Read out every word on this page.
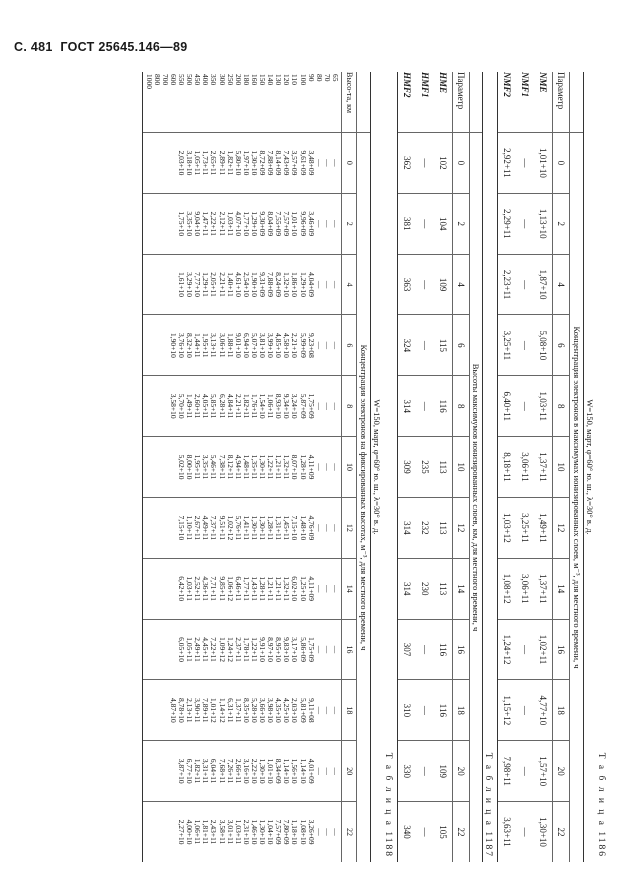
С. 481 ГОСТ 25645.146—89
Т а б л и ц а 1186
W=150, март, φ=60° ю. ш., λ=30° в. д.
Концентрация электронов в максимумах ионизированных слоев, м⁻³, для местного времени, ч
Параметр
0
2
4
6
8
10
12
14
16
18
20
22
NME
1,01+10
1,13+10
1,87+10
5,08+10
1,03+11
1,37+11
1,49+11
1,37+11
1,02+11
4,77+10
1,57+10
1,30+10
NMF1
—
—
—
—
—
3,06+11
3,25+11
3,06+11
—
—
—
—
NMF2
2,92+11
2,29+11
2,23+11
3,25+11
6,40+11
8,18+11
1,03+12
1,08+12
1,24+12
1,15+12
7,98+11
3,63+11
Т а б л и ц а 1187
Высоты максимумов ионизированных слоев, км, для местного времени, ч
Параметр
0
2
4
6
8
10
12
14
16
18
20
22
HME
102
104
109
115
116
113
113
113
116
116
109
105
HMF1
—
—
—
—
—
235
232
230
—
—
—
—
HMF2
362
381
363
324
314
309
314
314
307
310
330
340
Т а б л и ц а 1188
W=150, март, φ=60° ю. ш., λ=30° в. д.
Концентрация электронов на фиксированных высотах, м⁻³, для местного времени, ч
Высо-та, км
0
2
4
6
8
10
12
14
16
18
20
22
65
70
80
90
100
110
120
130
140
150
160
180
200
250
300
350
400
450
500
550
600
700
800
1000
—
—
—
3,48+09
9,61+09
3,57+09
7,43+09
8,14+09
7,88+09
8,72+09
1,30+10
1,97+10
5,80+10
1,82+11
2,89+11
2,65+11
1,73+11
1,05+11
3,18+10
2,03+10

—
—
—
3,46+09
9,96+09
1,01+10
7,57+09
7,55+09
8,04+09
9,30+09
1,29+10
1,77+10
4,07+10
1,03+11
2,12+11
2,22+11
1,47+11
9,04+10
3,35+10
1,75+10

—
—
—
4,04+09
1,29+10
1,86+10
1,32+10
8,24+09
7,88+09
9,31+09
1,90+10
2,54+10
4,61+10
1,40+11
2,21+11
2,05+11
1,29+11
7,77+10
3,29+10
1,61+10

—
—
—
9,23+08
5,99+09
2,21+10
4,58+10
4,85+10
3,99+10
3,81+10
5,07+10
6,94+10
9,01+10
1,88+11
3,06+11
3,13+11
1,95+11
1,44+11
8,32+10
3,76+10
1,90+10

—
—
—
1,75+09
5,87+09
3,24+10
9,34+10
8,93+10
1,06+11
1,54+10
1,76+11
1,82+11
2,21+11
4,84+11
6,28+11
5,85+11
4,05+11
2,60+11
1,49+11
5,70+10
3,58+10

—
—
—
4,11+09
1,28+10
8,07+10
1,32+11
1,21+11
1,22+11
1,30+11
1,35+11
1,48+11
4,94+11
8,12+11
7,38+11
5,46+11
3,35+11
1,95+11
8,00+10
5,02+10

—
—
—
4,76+09
1,48+10
7,15+10
1,45+11
1,31+11
1,28+11
1,30+11
1,30+11
1,41+11
5,76+11
1,02+12
9,51+11
7,37+11
4,49+11
2,67+11
1,10+11
7,15+10

—
—
—
4,11+09
1,25+10
6,02+10
1,32+11
1,21+11
1,21+11
1,28+11
1,43+11
1,77+11
6,46+11
1,06+12
9,85+11
7,71+11
4,36+11
2,52+11
1,03+11
6,42+10

—
—
—
1,75+09
5,86+09
3,17+10
9,83+10
8,95+10
8,97+10
9,91+10
1,22+11
1,78+11
2,37+11
1,24+12
1,09+12
7,22+11
4,45+11
2,49+11
1,05+11
6,05+10

—
—
—
9,11+08
5,81+09
2,03+10
4,25+10
4,35+10
3,98+10
3,66+10
5,28+10
8,35+10
1,37+11
6,31+11
1,14+12
1,01+12
7,89+11
3,90+11
2,13+11
8,78+10
4,87+10

—
—
—
4,01+09
1,14+10
1,56+10
1,14+10
8,34+09
1,01+10
1,30+10
2,22+10
3,16+10
2,66+11
7,26+11
7,68+11
6,04+11
3,31+11
1,82+11
6,77+10
3,87+10

—
—
—
3,26+09
1,08+10
1,18+10
7,80+09
7,57+09
1,04+10
1,30+10
1,46+10
2,31+10
1,03+11
3,01+11
3,58+11
2,43+11
1,81+11
1,06+11
4,00+10
2,27+10
